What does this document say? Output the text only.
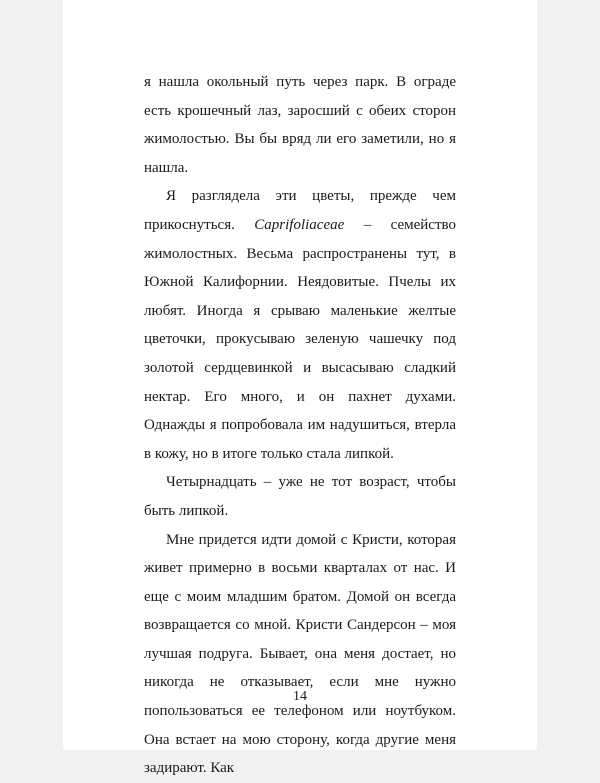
я нашла окольный путь через парк. В ограде есть крошечный лаз, заросший с обеих сторон жимолостью. Вы бы вряд ли его заметили, но я нашла.

Я разглядела эти цветы, прежде чем прикоснуться. Caprifoliaceae – семейство жимолостных. Весьма распространены тут, в Южной Калифорнии. Неядовитые. Пчелы их любят. Иногда я срываю маленькие желтые цветочки, прокусываю зеленую чашечку под золотой сердцевинкой и высасываю сладкий нектар. Его много, и он пахнет духами. Однажды я попробовала им надушиться, втерла в кожу, но в итоге только стала липкой.

Четырнадцать – уже не тот возраст, чтобы быть липкой.

Мне придется идти домой с Кристи, которая живет примерно в восьми кварталах от нас. И еще с моим младшим братом. Домой он всегда возвращается со мной. Кристи Сандерсон – моя лучшая подруга. Бывает, она меня достает, но никогда не отказывает, если мне нужно попользоваться ее телефоном или ноутбуком. Она встает на мою сторону, когда другие меня задирают. Как

14
